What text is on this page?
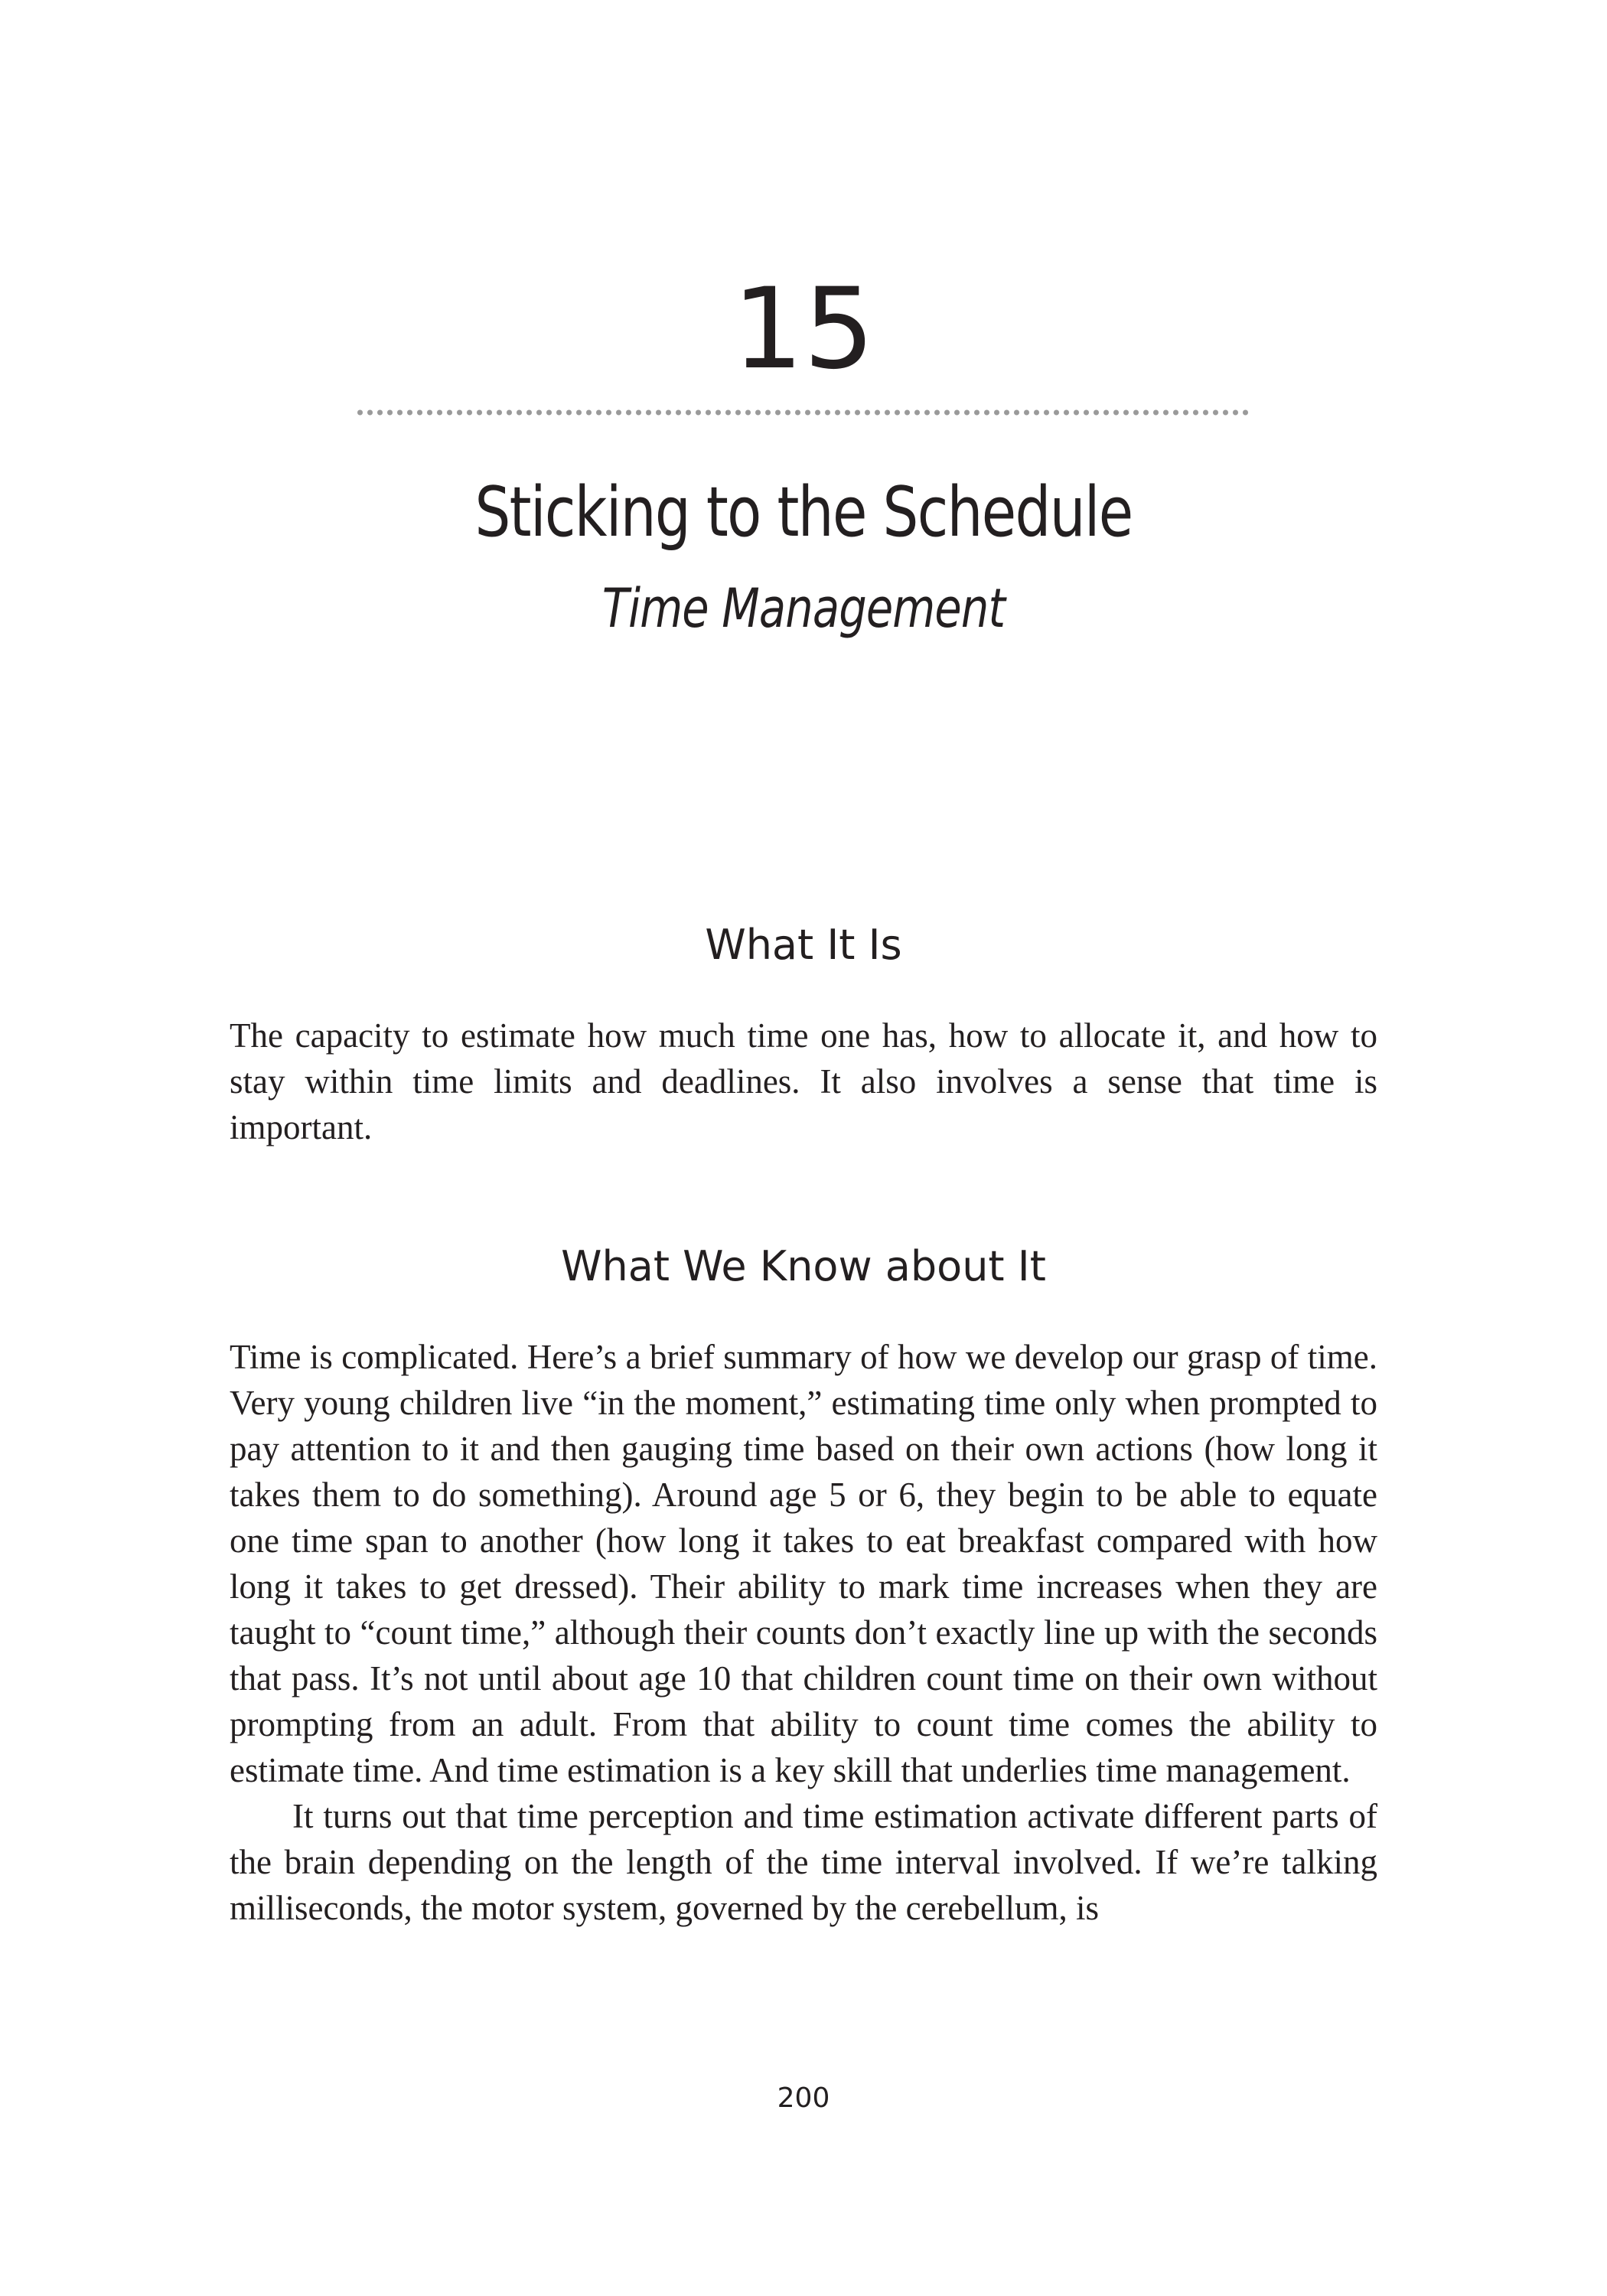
15
Sticking to the Schedule
Time Management
What It Is

The capacity to estimate how much time one has, how to allocate it, and how to stay within time limits and deadlines. It also involves a sense that time is important.

What We Know about It

Time is complicated. Here’s a brief summary of how we develop our grasp of time. Very young children live “in the moment,” estimating time only when prompted to pay attention to it and then gauging time based on their own actions (how long it takes them to do something). Around age 5 or 6, they begin to be able to equate one time span to another (how long it takes to eat breakfast compared with how long it takes to get dressed). Their ability to mark time increases when they are taught to “count time,” although their counts don’t exactly line up with the seconds that pass. It’s not until about age 10 that children count time on their own without prompting from an adult. From that ability to count time comes the ability to estimate time. And time estimation is a key skill that underlies time management.

It turns out that time perception and time estimation activate different parts of the brain depending on the length of the time interval involved. If we’re talking milliseconds, the motor system, governed by the cerebellum, is

200
